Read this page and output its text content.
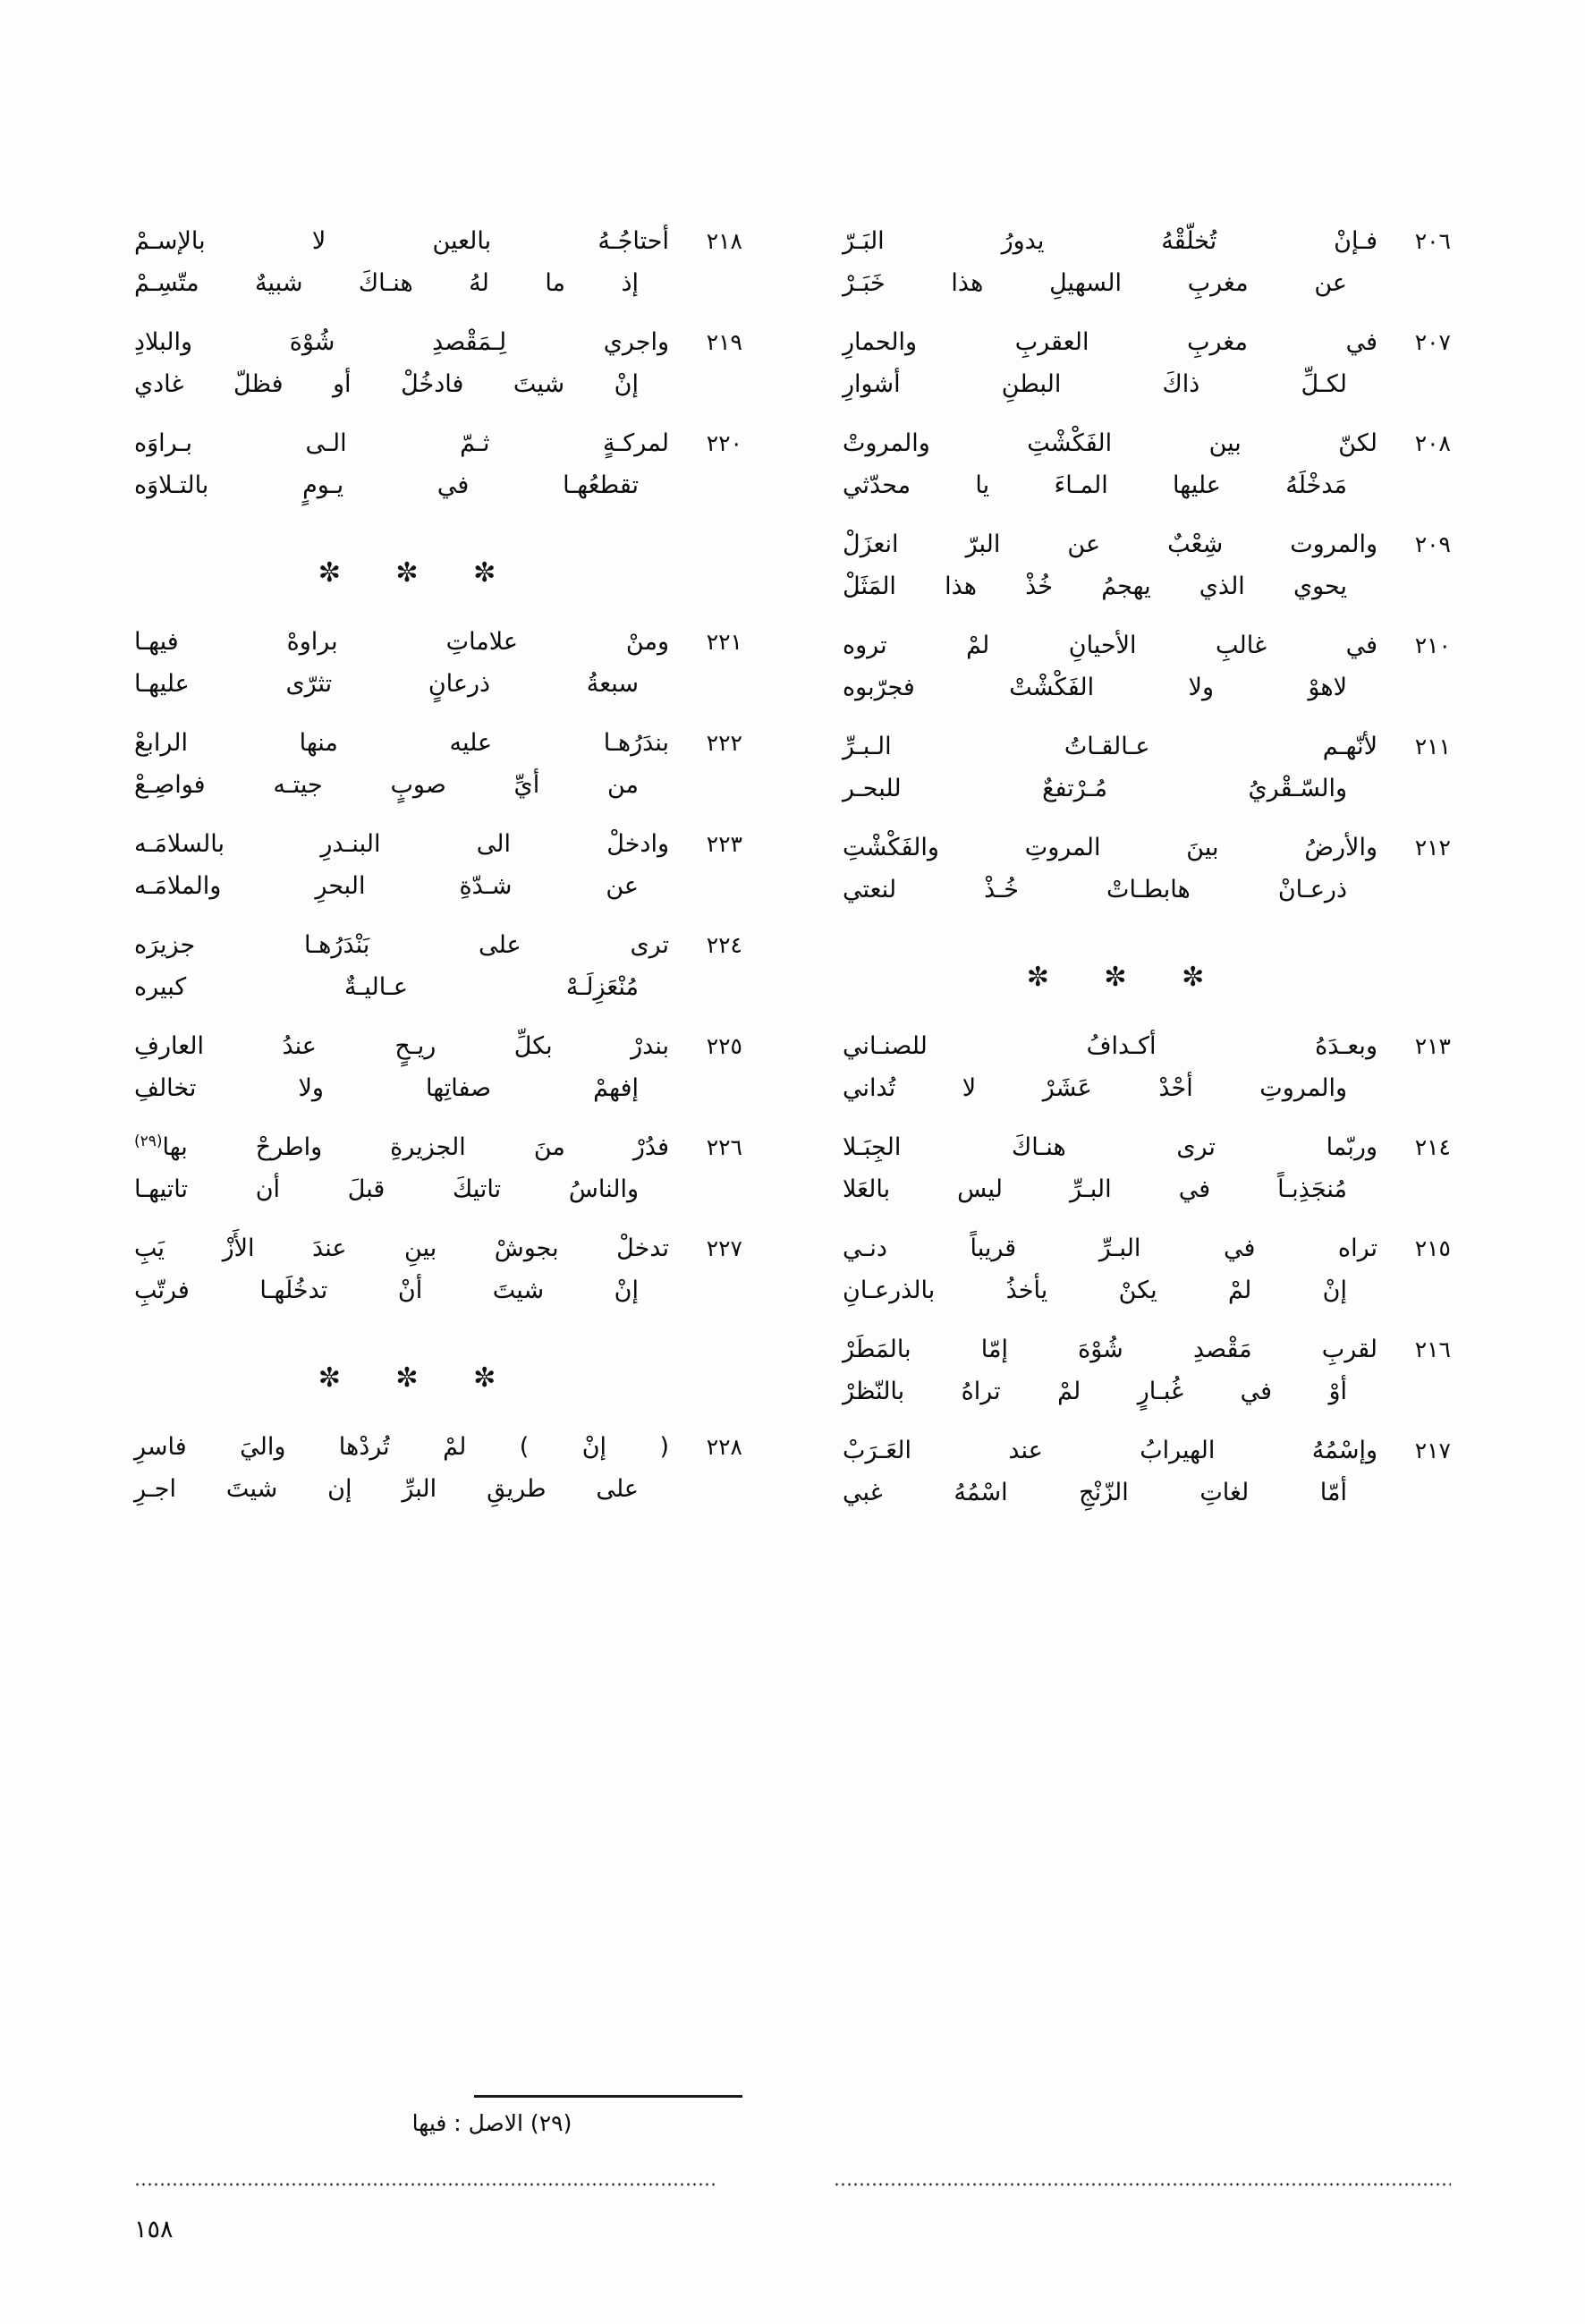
٢٠٦
فـإنْ تُخلّقْهُ يدورُ البَـرّ
عن مغربِ السهيلِ هذا خَبَـرْ
٢٠٧
في مغربِ العقربِ والحمارِ
لكـلِّ ذاكَ البطنِ أشوارِ
٢٠٨
لكنّ بين الفَكْشْتِ والمروتْ
مَدخْلَهُ عليها المـاءَ يا محدّثي
٢٠٩
والمروت شِعْبٌ عن البرّ انعزَلْ
يحوي الذي يهجمُ خُذْ هذا المَثَلْ
٢١٠
في غالبِ الأحيانِ لمْ تروه
لاهوْ ولا الفَكْشْتْ فجرّبوه
٢١١
لأنّهـم عـالقـاتُ الـبـرِّ
والسّـقْريُ مُـرْتفعٌ للبحـر
٢١٢
والأرضُ بينَ المروتِ والفَكْشْتِ
ذرعـانْ هابطـاتْ خُـذْ لنعتي
✼ ✼ ✼
٢١٣
وبعـدَهُ أكـدافُ للصنـاني
والمروتِ أحْدْ عَشَرْ لا تُداني
٢١٤
وربّما ترى هنـاكَ الجِبَـلا
مُنجَذِبـاً في البـرِّ ليس بالعَلا
٢١٥
تراه في البـرِّ قريباً دنـي
إنْ لمْ يكنْ يأخذُ بالذرعـانِ
٢١٦
لقربِ مَقْصدِ شُوْهَ إمّا بالمَطَرْ
أوْ في غُبـارٍ لمْ تراهُ بالنّظرْ
٢١٧
وإسْمُهُ الهيرابُ عند العَـرَبْ
أمّا لغاتِ الزّنْجِ اسْمُهُ غبي
٢١٨
أحتاجُـهُ بالعين لا بالإسـمْ
إذ ما لهُ هنـاكَ شبيهٌ متّسِـمْ
٢١٩
واجري لِـمَقْصدِ شُوْهَ والبلادِ
إنْ شيتَ فادخُلْ أو فظلّ غادي
٢٢٠
لمركـةٍ ثـمّ الـى بـراوَه
تقطعُهـا في يـومٍ بالتـلاوَه
✼ ✼ ✼
٢٢١
ومنْ علاماتِ براوهْ فيهـا
سبعةُ ذرعانٍ تثرّى عليهـا
٢٢٢
بندَرُهـا عليه منها الرابعْ
من أيِّ صوبٍ جيتـه فواصِـعْ
٢٢٣
وادخلْ الى البنـدرِ بالسلامَـه
عن شـدّةِ البحرِ والملامَـه
٢٢٤
ترى على بَنْدَرُهـا جزيرَه
مُنْعَزِلَـهْ عـاليـةٌ كبيره
٢٢٥
بندرْ بكلِّ ريـحٍ عندُ العارفِ
إفهمْ صفاتِها ولا تخالفِ
٢٢٦
فدُرْ منَ الجزيرةِ واطرحْ بها$^{(٢٩)}$
والناسُ تاتيكَ قبلَ أن تاتيهـا
٢٢٧
تدخلْ بجوشْ بينِ عندَ الأَزْ يَبِ
إنْ شيتَ أنْ تدخُلَهـا فرتّبِ
✼ ✼ ✼
٢٢٨
( إنْ ) لمْ تُردْها واليَ فاسرِ
على طريقِ البرِّ إن شيتَ اجـرِ
(٢٩) الاصل : فيها
١٥٨
